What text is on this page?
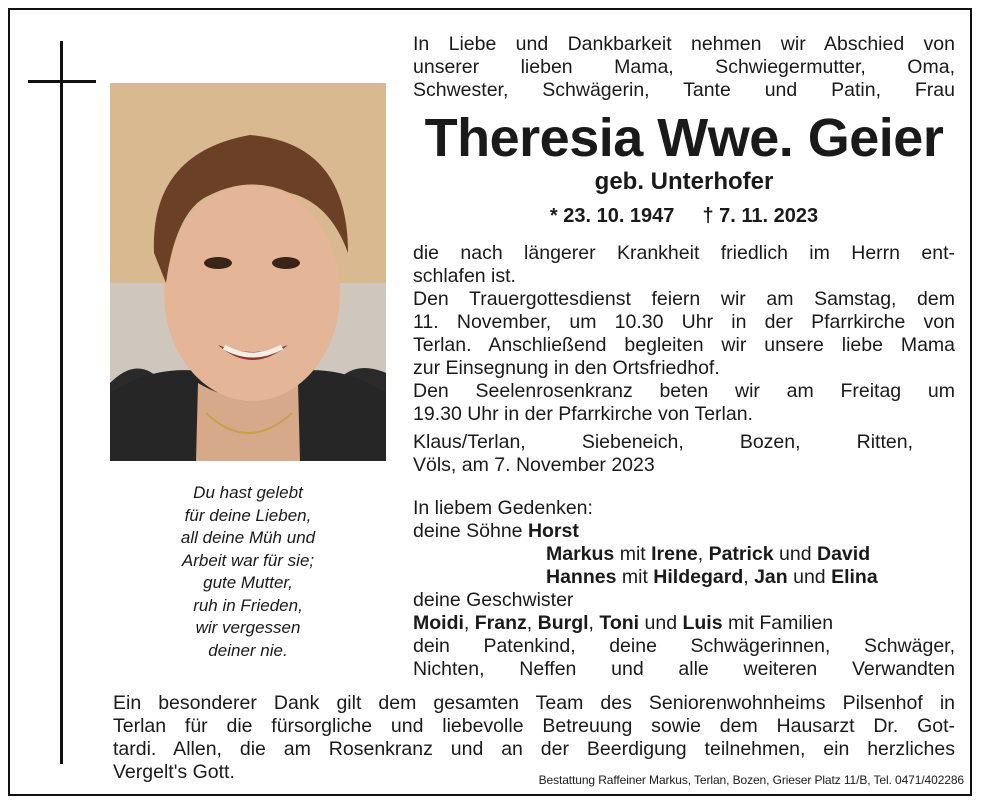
Du hast gelebt
für deine Lieben,
all deine Müh und
Arbeit war für sie;
gute Mutter,
ruh in Frieden,
wir vergessen
deiner nie.
In Liebe und Dankbarkeit nehmen wir Abschied von
unserer lieben Mama, Schwiegermutter, Oma,
Schwester, Schwägerin, Tante und Patin, Frau
Theresia Wwe. Geier
geb. Unterhofer
* 23. 10. 1947 † 7. 11. 2023
die nach längerer Krankheit friedlich im Herrn ent-
schlafen ist.
Den Trauergottesdienst feiern wir am Samstag, dem
11. November, um 10.30 Uhr in der Pfarrkirche von
Terlan. Anschließend begleiten wir unsere liebe Mama
zur Einsegnung in den Ortsfriedhof.
Den Seelenrosenkranz beten wir am Freitag um
19.30 Uhr in der Pfarrkirche von Terlan.
Klaus/Terlan, Siebeneich, Bozen, Ritten,
Völs, am 7. November 2023
In liebem Gedenken:
deine Söhne Horst
Markus mit Irene, Patrick und David
Hannes mit Hildegard, Jan und Elina
deine Geschwister
Moidi, Franz, Burgl, Toni und Luis mit Familien
dein Patenkind, deine Schwägerinnen, Schwäger,
Nichten, Neffen und alle weiteren Verwandten
Ein besonderer Dank gilt dem gesamten Team des Seniorenwohnheims Pilsenhof in
Terlan für die fürsorgliche und liebevolle Betreuung sowie dem Hausarzt Dr. Got-
tardi. Allen, die am Rosenkranz und an der Beerdigung teilnehmen, ein herzliches
Vergelt's Gott.	Bestattung Raffeiner Markus, Terlan, Bozen, Grieser Platz 11/B, Tel. 0471/402286
